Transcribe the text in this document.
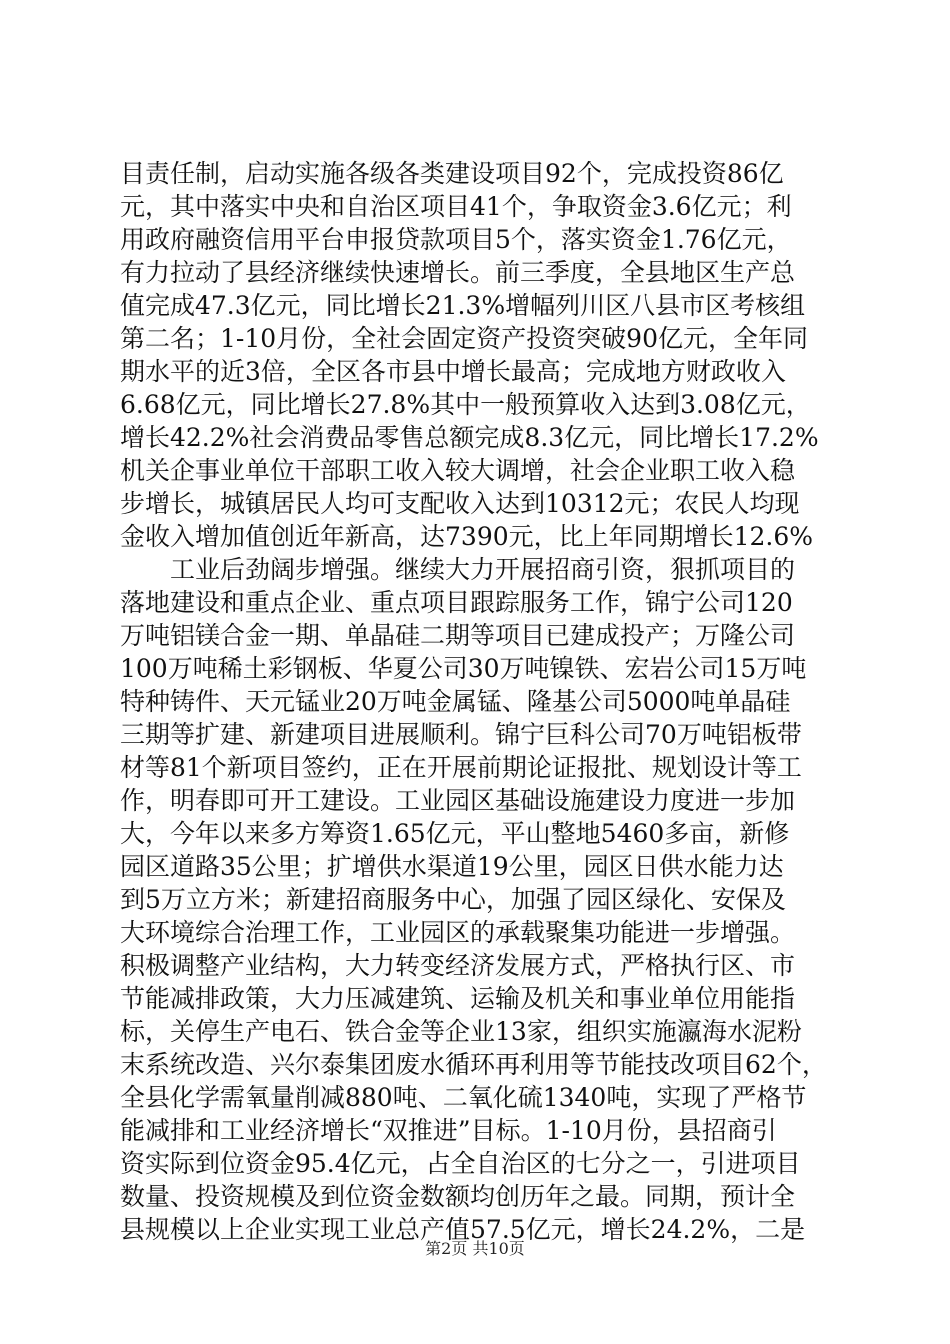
目责任制，启动实施各级各类建设项目92个，完成投资86亿
元，其中落实中央和自治区项目41个，争取资金3.6亿元；利
用政府融资信用平台申报贷款项目5个，落实资金1.76亿元，
有力拉动了县经济继续快速增长。前三季度，全县地区生产总
值完成47.3亿元，同比增长21.3%增幅列川区八县市区考核组
第二名；1-10月份，全社会固定资产投资突破90亿元，全年同
期水平的近3倍，全区各市县中增长最高；完成地方财政收入
6.68亿元，同比增长27.8%其中一般预算收入达到3.08亿元，
增长42.2%社会消费品零售总额完成8.3亿元，同比增长17.2%
机关企事业单位干部职工收入较大调增，社会企业职工收入稳
步增长，城镇居民人均可支配收入达到10312元；农民人均现
金收入增加值创近年新高，达7390元，比上年同期增长12.6%
工业后劲阔步增强。继续大力开展招商引资，狠抓项目的
落地建设和重点企业、重点项目跟踪服务工作，锦宁公司120
万吨铝镁合金一期、单晶硅二期等项目已建成投产；万隆公司
100万吨稀土彩钢板、华夏公司30万吨镍铁、宏岩公司15万吨
特种铸件、天元锰业20万吨金属锰、隆基公司5000吨单晶硅
三期等扩建、新建项目进展顺利。锦宁巨科公司70万吨铝板带
材等81个新项目签约，正在开展前期论证报批、规划设计等工
作，明春即可开工建设。工业园区基础设施建设力度进一步加
大，今年以来多方筹资1.65亿元，平山整地5460多亩，新修
园区道路35公里；扩增供水渠道19公里，园区日供水能力达
到5万立方米；新建招商服务中心，加强了园区绿化、安保及
大环境综合治理工作，工业园区的承载聚集功能进一步增强。
积极调整产业结构，大力转变经济发展方式，严格执行区、市
节能减排政策，大力压减建筑、运输及机关和事业单位用能指
标，关停生产电石、铁合金等企业13家，组织实施瀛海水泥粉
末系统改造、兴尔泰集团废水循环再利用等节能技改项目62个，
全县化学需氧量削减880吨、二氧化硫1340吨，实现了严格节
能减排和工业经济增长“双推进”目标。1-10月份，县招商引
资实际到位资金95.4亿元，占全自治区的七分之一，引进项目
数量、投资规模及到位资金数额均创历年之最。同期，预计全
县规模以上企业实现工业总产值57.5亿元，增长24.2%，二是
第2页 共10页
